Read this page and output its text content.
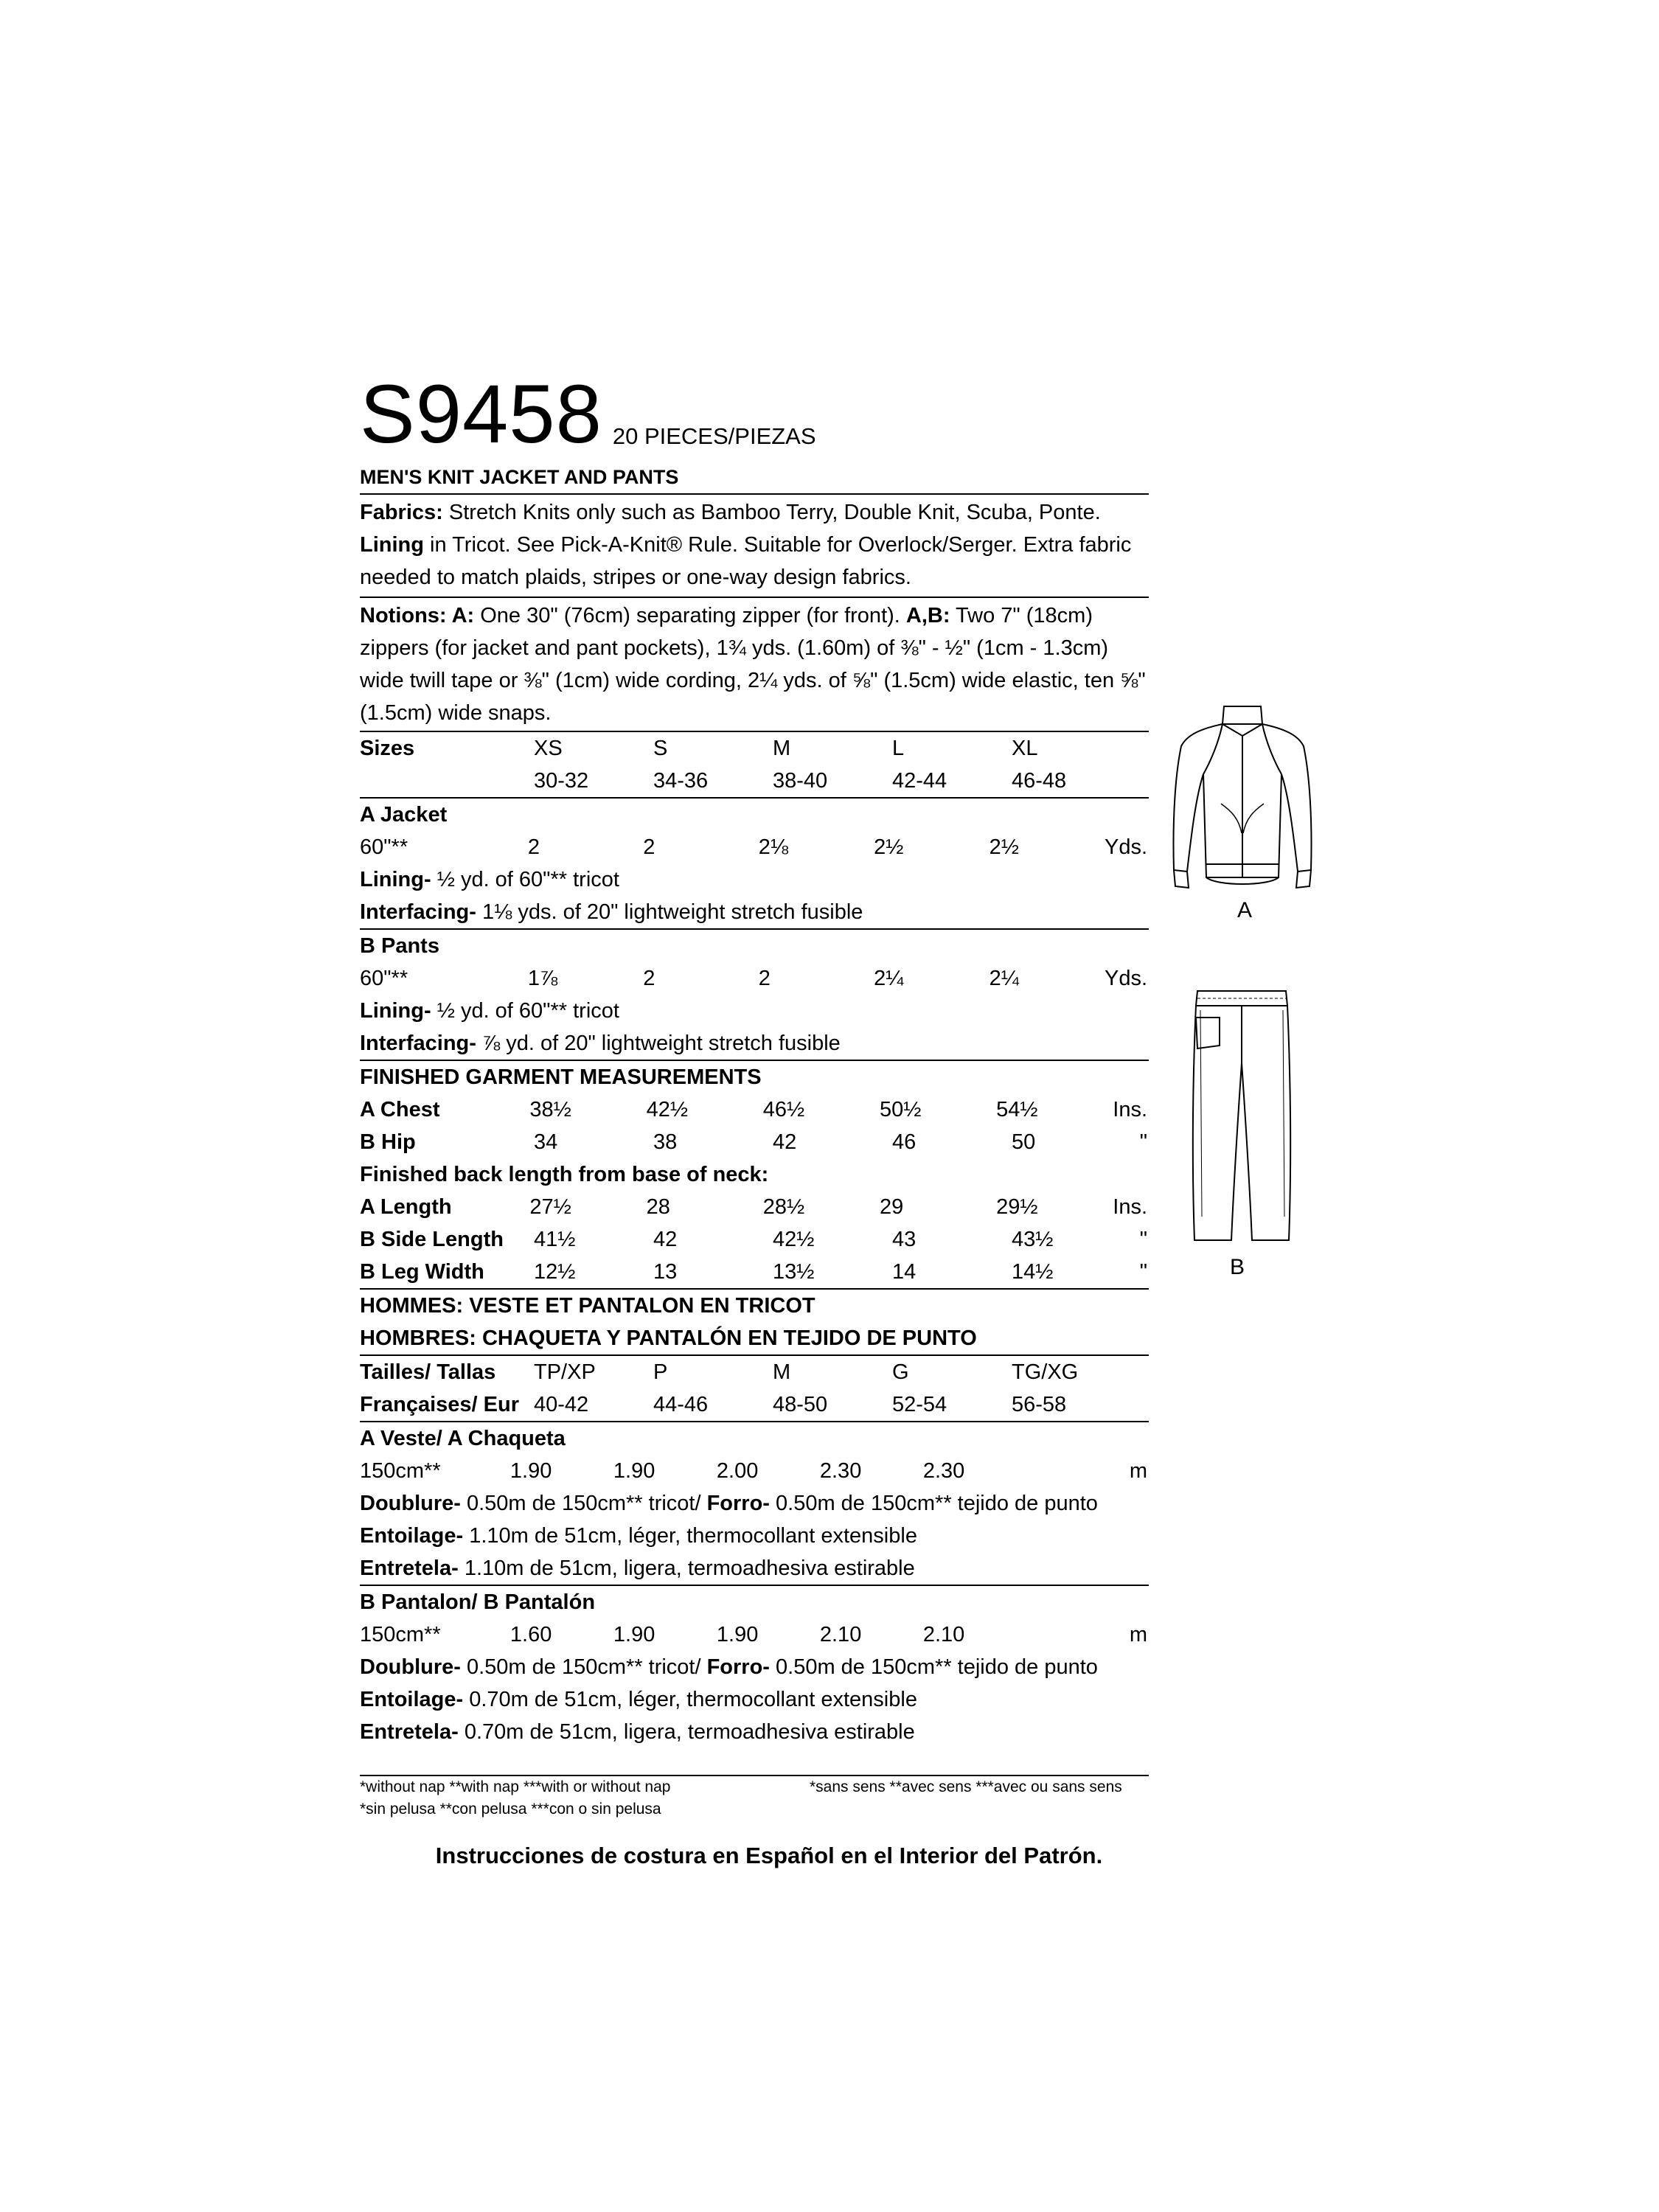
S9458 20 PIECES/PIEZAS
MEN'S KNIT JACKET AND PANTS
Fabrics: Stretch Knits only such as Bamboo Terry, Double Knit, Scuba, Ponte. Lining in Tricot. See Pick-A-Knit® Rule. Suitable for Overlock/Serger. Extra fabric needed to match plaids, stripes or one-way design fabrics.
Notions: A: One 30" (76cm) separating zipper (for front). A,B: Two 7" (18cm) zippers (for jacket and pant pockets), 1¾ yds. (1.60m) of ⅜" - ½" (1cm - 1.3cm) wide twill tape or ⅜" (1cm) wide cording, 2¼ yds. of ⅝" (1.5cm) wide elastic, ten ⅝" (1.5cm) wide snaps.
Sizes	XS	S	M	L	XL
30-32	34-36	38-40	42-44	46-48
A Jacket
60"**	2	2	2⅛	2½	2½	Yds.
Lining- ½ yd. of 60"** tricot
Interfacing- 1⅛ yds. of 20" lightweight stretch fusible
B Pants
60"**	1⅞	2	2	2¼	2¼	Yds.
Lining- ½ yd. of 60"** tricot
Interfacing- ⅞ yd. of 20" lightweight stretch fusible
FINISHED GARMENT MEASUREMENTS
A Chest	38½	42½	46½	50½	54½	Ins.
B Hip	34	38	42	46	50	"
Finished back length from base of neck:
A Length	27½	28	28½	29	29½	Ins.
B Side Length	41½	42	42½	43	43½	"
B Leg Width	12½	13	13½	14	14½	"
HOMMES: VESTE ET PANTALON EN TRICOT
HOMBRES: CHAQUETA Y PANTALÓN EN TEJIDO DE PUNTO
Tailles/ Tallas	TP/XP	P	M	G	TG/XG
Françaises/ Eur 40-42	44-46	48-50	52-54	56-58
A Veste/ A Chaqueta
150cm**	1.90	1.90	2.00	2.30	2.30	m
Doublure- 0.50m de 150cm** tricot/ Forro- 0.50m de 150cm** tejido de punto
Entoilage- 1.10m de 51cm, léger, thermocollant extensible
Entretela- 1.10m de 51cm, ligera, termoadhesiva estirable
B Pantalon/ B Pantalón
150cm**	1.60	1.90	1.90	2.10	2.10	m
Doublure- 0.50m de 150cm** tricot/ Forro- 0.50m de 150cm** tejido de punto
Entoilage- 0.70m de 51cm, léger, thermocollant extensible
Entretela- 0.70m de 51cm, ligera, termoadhesiva estirable
*without nap **with nap ***with or without nap	*sans sens **avec sens ***avec ou sans sens
*sin pelusa **con pelusa ***con o sin pelusa
Instrucciones de costura en Español en el Interior del Patrón.
A
B
